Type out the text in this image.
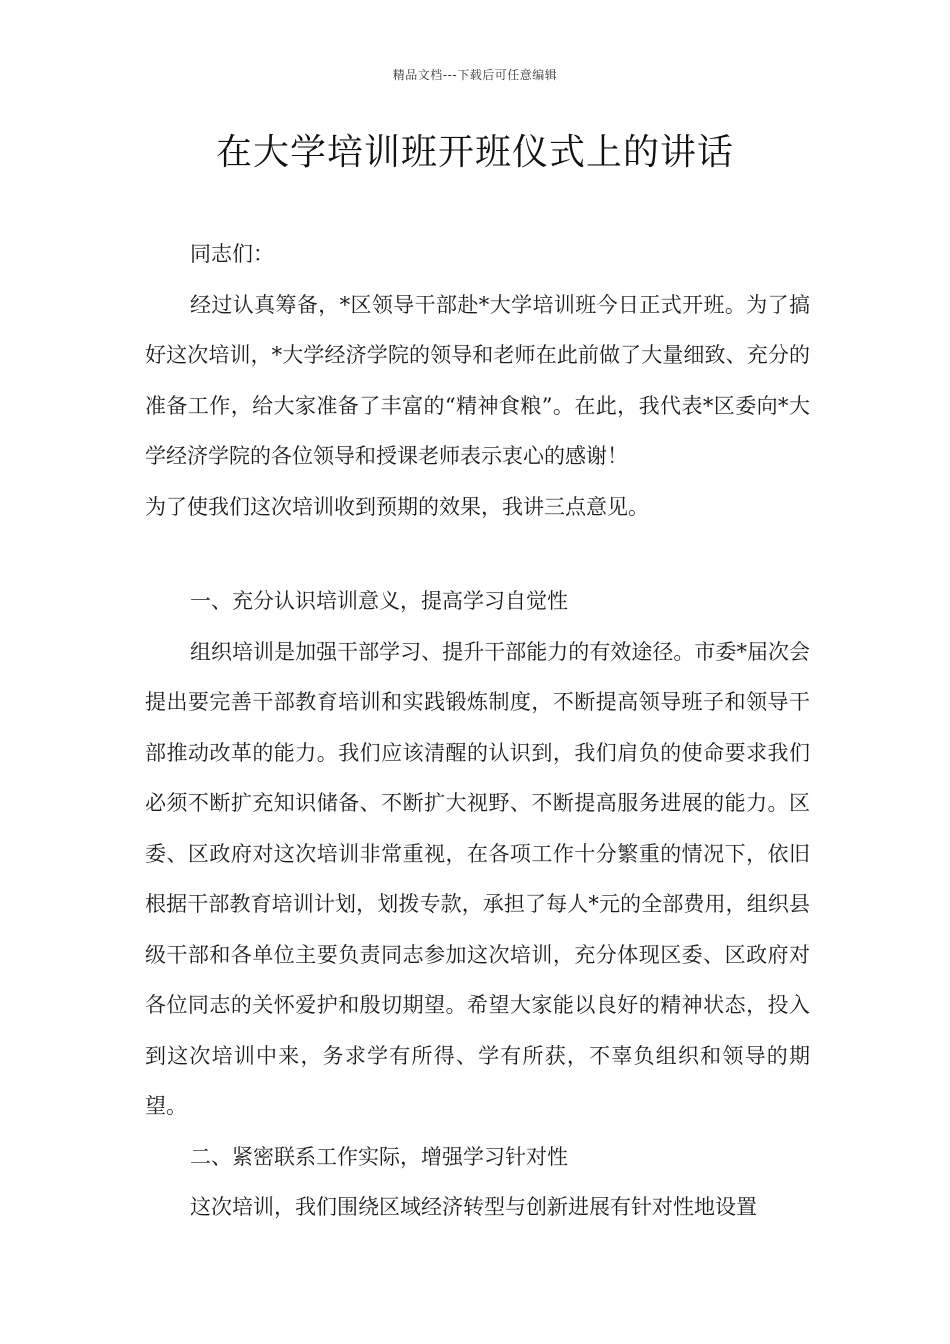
精品文档---下载后可任意编辑
在大学培训班开班仪式上的讲话

同志们：

经过认真筹备，*区领导干部赴*大学培训班今日正式开班。为了搞好这次培训，*大学经济学院的领导和老师在此前做了大量细致、充分的准备工作，给大家准备了丰富的“精神食粮”。在此，我代表*区委向*大学经济学院的各位领导和授课老师表示衷心的感谢！

为了使我们这次培训收到预期的效果，我讲三点意见。

一、充分认识培训意义，提高学习自觉性

组织培训是加强干部学习、提升干部能力的有效途径。市委*届次会提出要完善干部教育培训和实践锻炼制度，不断提高领导班子和领导干部推动改革的能力。我们应该清醒的认识到，我们肩负的使命要求我们必须不断扩充知识储备、不断扩大视野、不断提高服务进展的能力。区委、区政府对这次培训非常重视，在各项工作十分繁重的情况下，依旧根据干部教育培训计划，划拨专款，承担了每人*元的全部费用，组织县级干部和各单位主要负责同志参加这次培训，充分体现区委、区政府对各位同志的关怀爱护和殷切期望。希望大家能以良好的精神状态，投入到这次培训中来，务求学有所得、学有所获，不辜负组织和领导的期望。

二、紧密联系工作实际，增强学习针对性

这次培训，我们围绕区域经济转型与创新进展有针对性地设置
